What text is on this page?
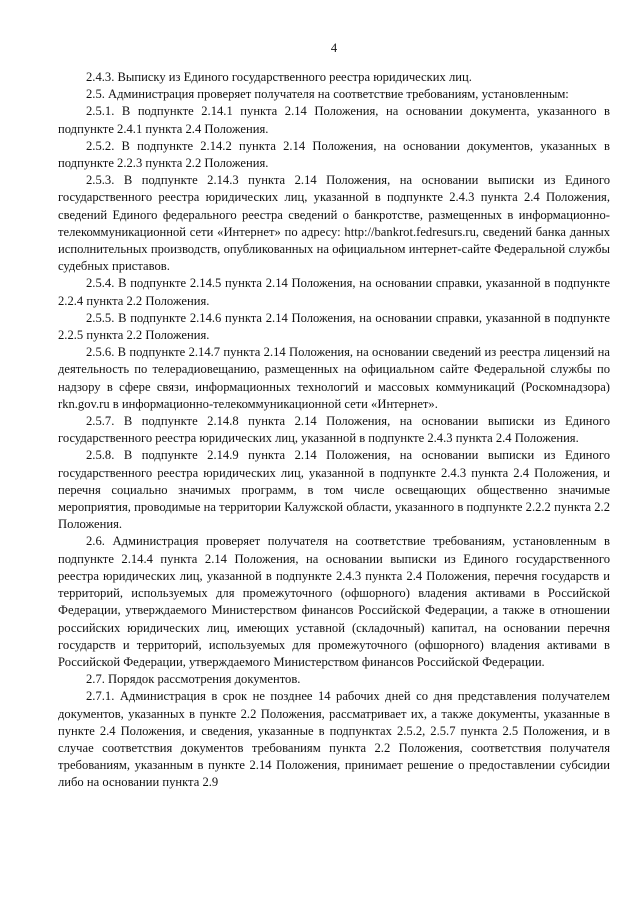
4

2.4.3. Выписку из Единого государственного реестра юридических лиц.

2.5. Администрация проверяет получателя на соответствие требованиям, установленным:

2.5.1. В подпункте 2.14.1 пункта 2.14 Положения, на основании документа, указанного в подпункте 2.4.1 пункта 2.4 Положения.

2.5.2. В подпункте 2.14.2 пункта 2.14 Положения, на основании документов, указанных в подпункте 2.2.3 пункта 2.2 Положения.

2.5.3. В подпункте 2.14.3 пункта 2.14 Положения, на основании выписки из Единого государственного реестра юридических лиц, указанной в подпункте 2.4.3 пункта 2.4 Положения, сведений Единого федерального реестра сведений о банкротстве, размещенных в информационно-телекоммуникационной сети «Интернет» по адресу: http://bankrot.fedresurs.ru, сведений банка данных исполнительных производств, опубликованных на официальном интернет-сайте Федеральной службы судебных приставов.

2.5.4. В подпункте 2.14.5 пункта 2.14 Положения, на основании справки, указанной в подпункте 2.2.4 пункта 2.2 Положения.

2.5.5. В подпункте 2.14.6 пункта 2.14 Положения, на основании справки, указанной в подпункте 2.2.5 пункта 2.2 Положения.

2.5.6. В подпункте 2.14.7 пункта 2.14 Положения, на основании сведений из реестра лицензий на деятельность по телерадиовещанию, размещенных на официальном сайте Федеральной службы по надзору в сфере связи, информационных технологий и массовых коммуникаций (Роскомнадзора) rkn.gov.ru в информационно-телекоммуникационной сети «Интернет».

2.5.7. В подпункте 2.14.8 пункта 2.14 Положения, на основании выписки из Единого государственного реестра юридических лиц, указанной в подпункте 2.4.3 пункта 2.4 Положения.

2.5.8. В подпункте 2.14.9 пункта 2.14 Положения, на основании выписки из Единого государственного реестра юридических лиц, указанной в подпункте 2.4.3 пункта 2.4 Положения, и перечня социально значимых программ, в том числе освещающих общественно значимые мероприятия, проводимые на территории Калужской области, указанного в подпункте 2.2.2 пункта 2.2 Положения.

2.6. Администрация проверяет получателя на соответствие требованиям, установленным в подпункте 2.14.4 пункта 2.14 Положения, на основании выписки из Единого государственного реестра юридических лиц, указанной в подпункте 2.4.3 пункта 2.4 Положения, перечня государств и территорий, используемых для промежуточного (офшорного) владения активами в Российской Федерации, утверждаемого Министерством финансов Российской Федерации, а также в отношении российских юридических лиц, имеющих уставной (складочный) капитал, на основании перечня государств и территорий, используемых для промежуточного (офшорного) владения активами в Российской Федерации, утверждаемого Министерством финансов Российской Федерации.

2.7. Порядок рассмотрения документов.

2.7.1. Администрация в срок не позднее 14 рабочих дней со дня представления получателем документов, указанных в пункте 2.2 Положения, рассматривает их, а также документы, указанные в пункте 2.4 Положения, и сведения, указанные в подпунктах 2.5.2, 2.5.7 пункта 2.5 Положения, и в случае соответствия документов требованиям пункта 2.2 Положения, соответствия получателя требованиям, указанным в пункте 2.14 Положения, принимает решение о предоставлении субсидии либо на основании пункта 2.9
